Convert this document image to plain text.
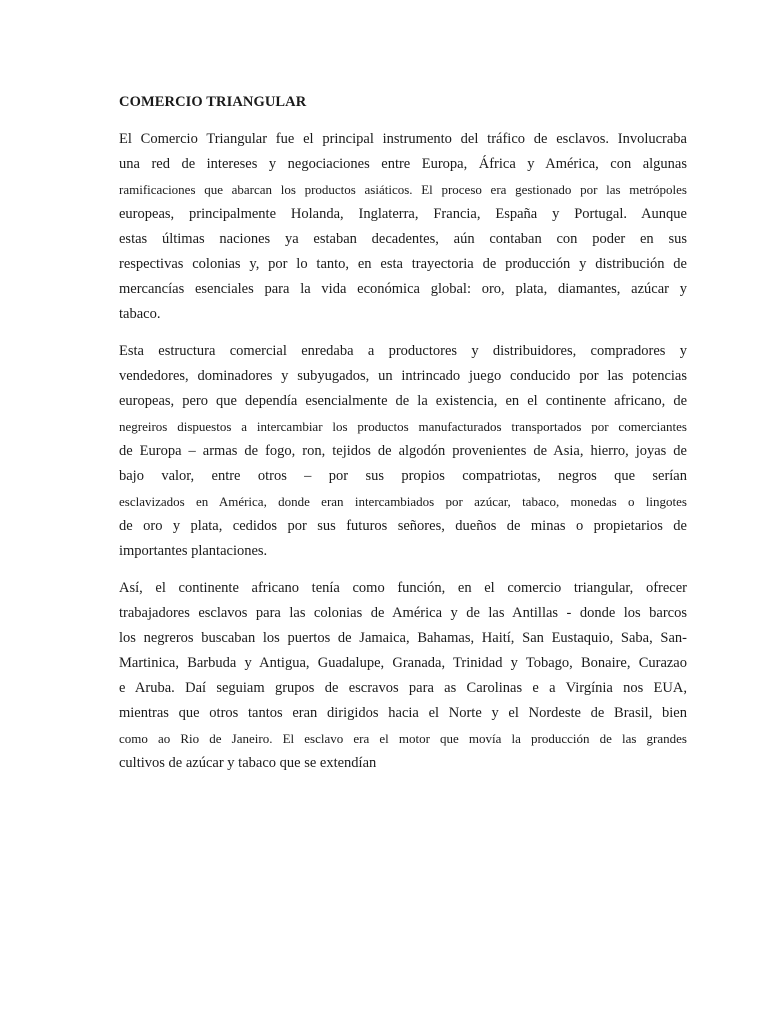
COMERCIO TRIANGULAR
El Comercio Triangular fue el principal instrumento del tráfico de esclavos. Involucraba
una red de intereses y negociaciones entre Europa, África y América, con algunas
ramificaciones que abarcan los productos asiáticos. El proceso era gestionado por las metrópoles
europeas, principalmente Holanda, Inglaterra, Francia, España y Portugal. Aunque
estas últimas naciones ya estaban decadentes, aún contaban con poder en sus
respectivas colonias y, por lo tanto, en esta trayectoria de producción y distribución de
mercancías esenciales para la vida económica global: oro, plata, diamantes, azúcar y
tabaco.
Esta estructura comercial enredaba a productores y distribuidores, compradores y
vendedores, dominadores y subyugados, un intrincado juego conducido por las potencias
europeas, pero que dependía esencialmente de la existencia, en el continente africano, de
negreiros dispuestos a intercambiar los productos manufacturados transportados por comerciantes
de Europa – armas de fogo, ron, tejidos de algodón provenientes de Asia, hierro, joyas de
bajo valor, entre otros – por sus propios compatriotas, negros que serían
esclavizados en América, donde eran intercambiados por azúcar, tabaco, monedas o lingotes
de oro y plata, cedidos por sus futuros señores, dueños de minas o propietarios de
importantes plantaciones.
Así, el continente africano tenía como función, en el comercio triangular, ofrecer
trabajadores esclavos para las colonias de América y de las Antillas - donde los barcos
los negreros buscaban los puertos de Jamaica, Bahamas, Haití, San Eustaquio, Saba, San-
Martinica, Barbuda y Antigua, Guadalupe, Granada, Trinidad y Tobago, Bonaire, Curazao
e Aruba. Daí seguiam grupos de escravos para as Carolinas e a Virgínia nos EUA,
mientras que otros tantos eran dirigidos hacia el Norte y el Nordeste de Brasil, bien
como ao Rio de Janeiro. El esclavo era el motor que movía la producción de las grandes
cultivos de azúcar y tabaco que se extendían
